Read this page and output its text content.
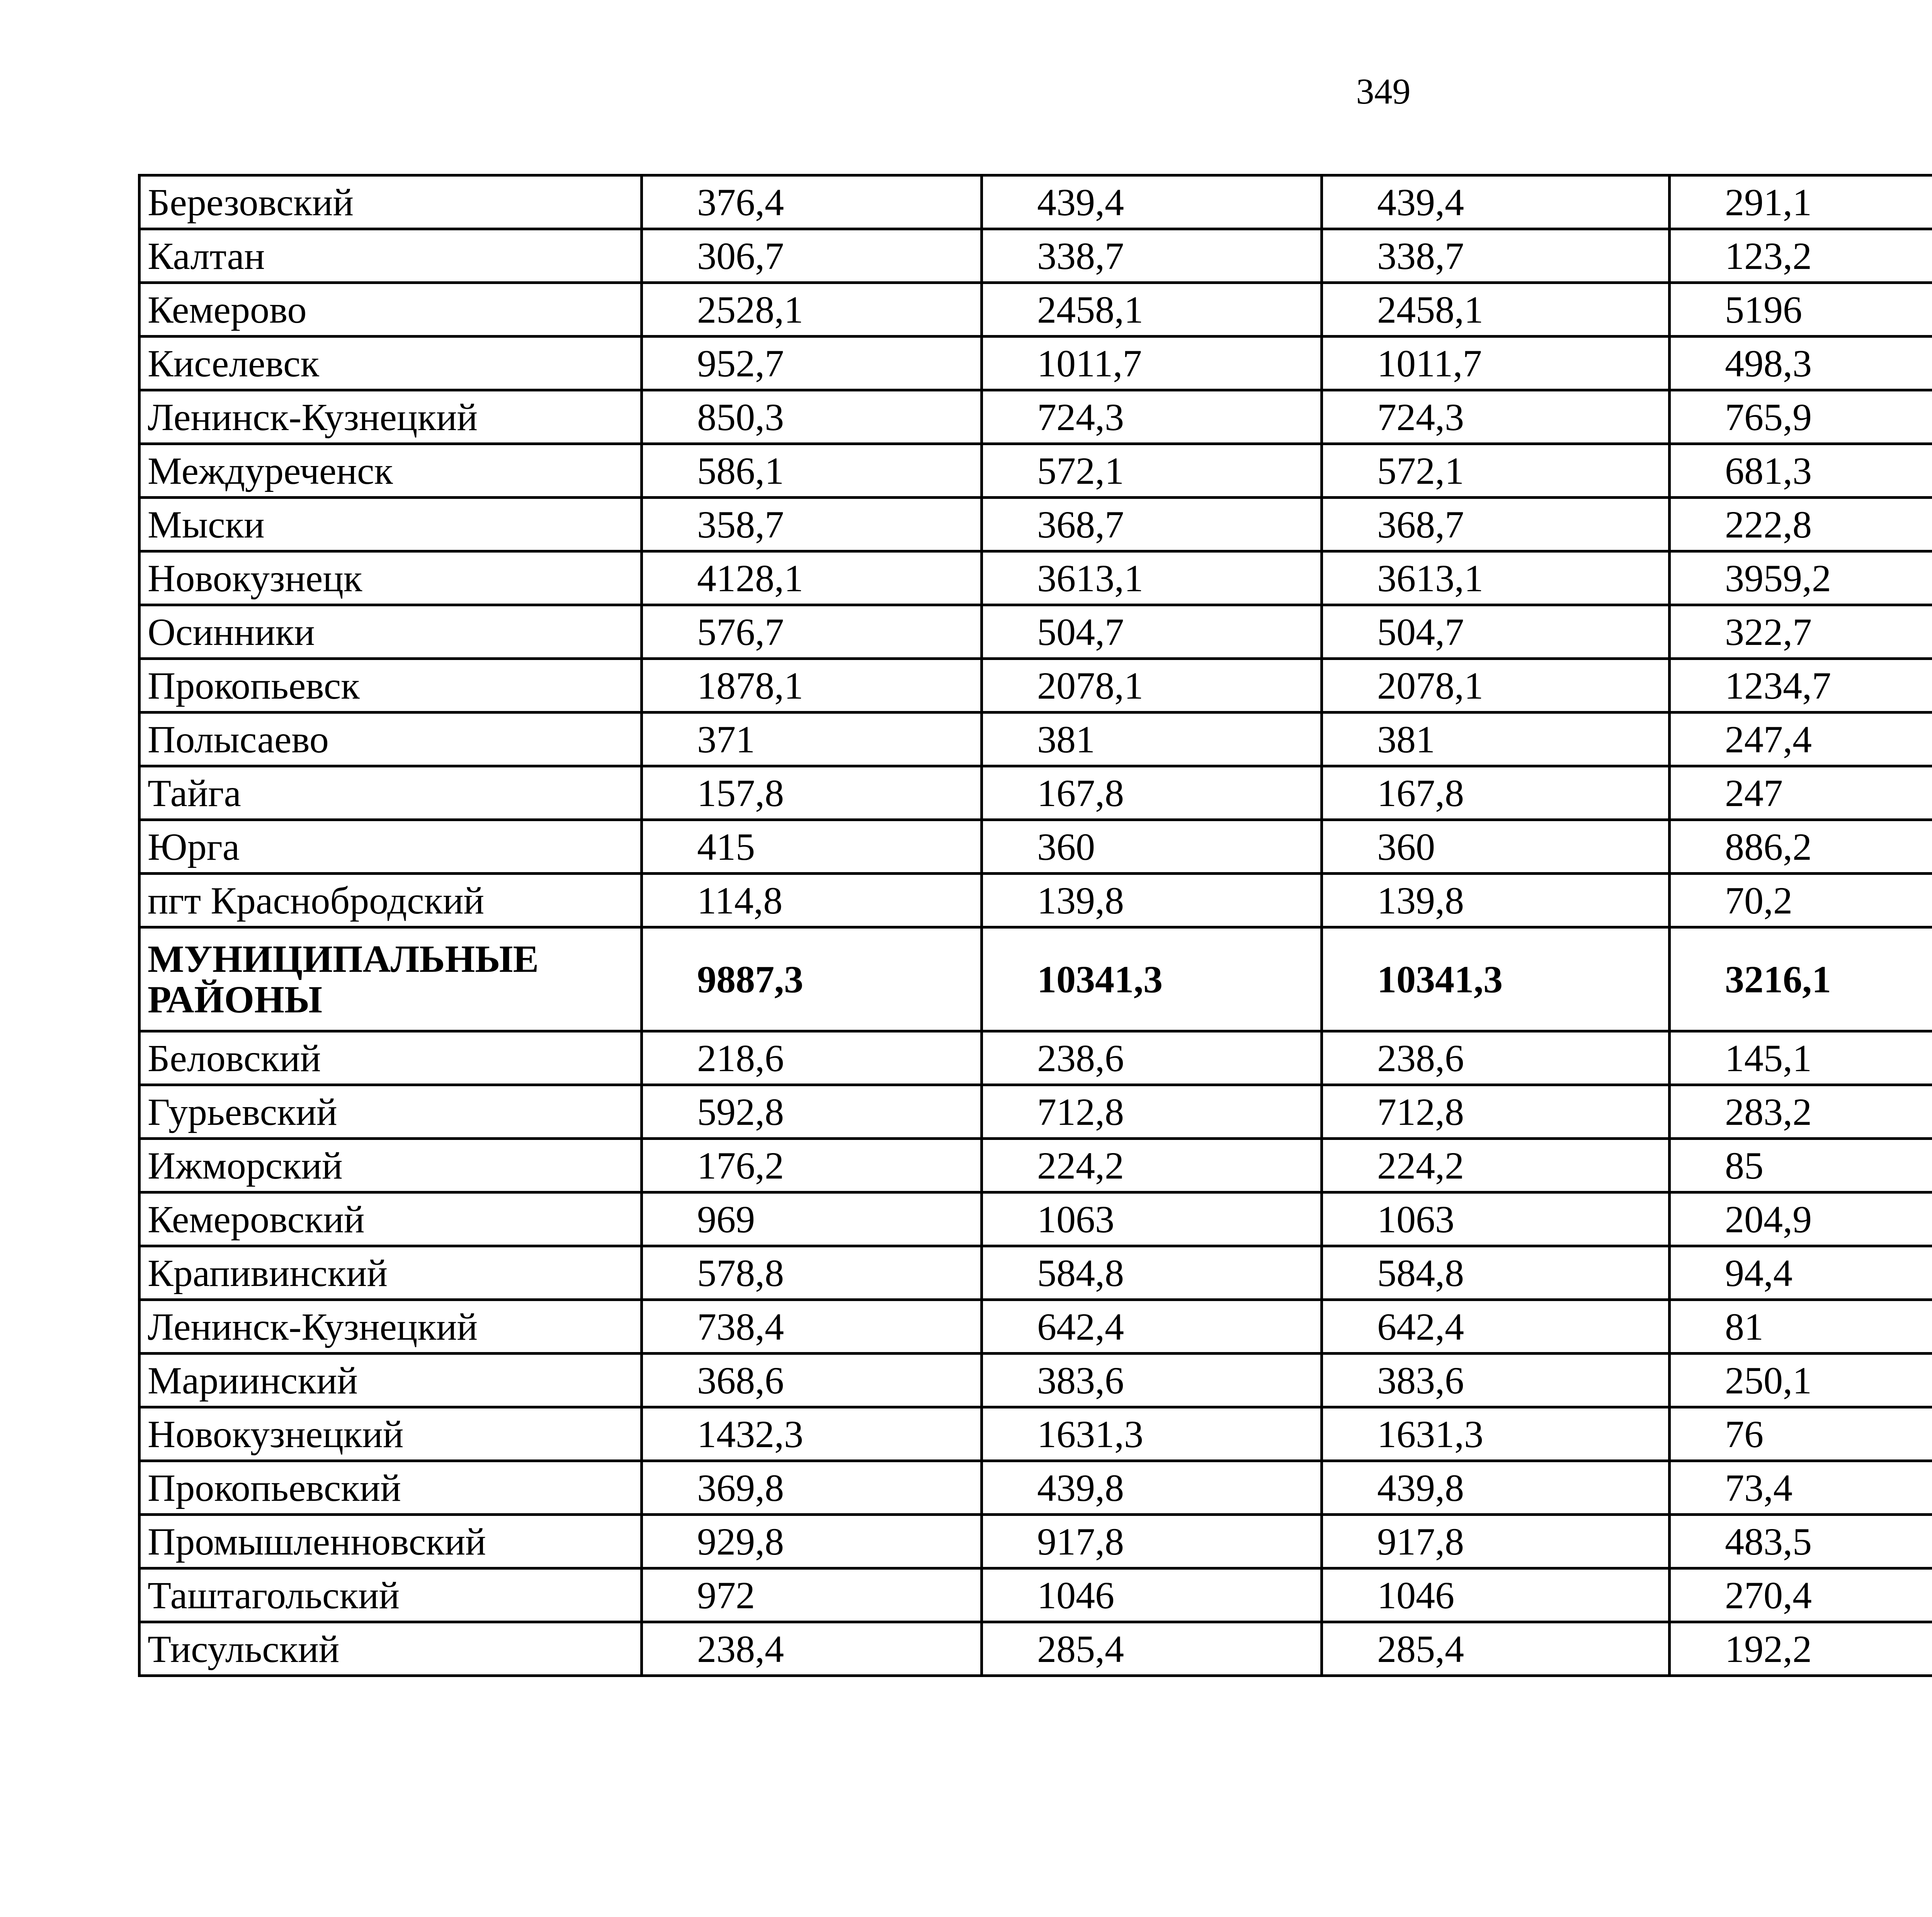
349
Березовский	376,4	439,4	439,4	291,1		
Калтан	306,7	338,7	338,7	123,2		
Кемерово	2528,1	2458,1	2458,1	5196		
Киселевск	952,7	1011,7	1011,7	498,3		
Ленинск-Кузнецкий	850,3	724,3	724,3	765,9		
Междуреченск	586,1	572,1	572,1	681,3		
Мыски	358,7	368,7	368,7	222,8		
Новокузнецк	4128,1	3613,1	3613,1	3959,2		
Осинники	576,7	504,7	504,7	322,7		
Прокопьевск	1878,1	2078,1	2078,1	1234,7		
Полысаево	371	381	381	247,4		
Тайга	157,8	167,8	167,8	247		
Юрга	415	360	360	886,2		
пгт Краснобродский	114,8	139,8	139,8	70,2		
МУНИЦИПАЛЬНЫЕ РАЙОНЫ	9887,3	10341,3	10341,3	3216,1		
Беловский	218,6	238,6	238,6	145,1		
Гурьевский	592,8	712,8	712,8	283,2		
Ижморский	176,2	224,2	224,2	85		
Кемеровский	969	1063	1063	204,9		
Крапивинский	578,8	584,8	584,8	94,4		
Ленинск-Кузнецкий	738,4	642,4	642,4	81		
Мариинский	368,6	383,6	383,6	250,1		
Новокузнецкий	1432,3	1631,3	1631,3	76		
Прокопьевский	369,8	439,8	439,8	73,4		
Промышленновский	929,8	917,8	917,8	483,5		
Таштагольский	972	1046	1046	270,4		
Тисульский	238,4	285,4	285,4	192,2		
